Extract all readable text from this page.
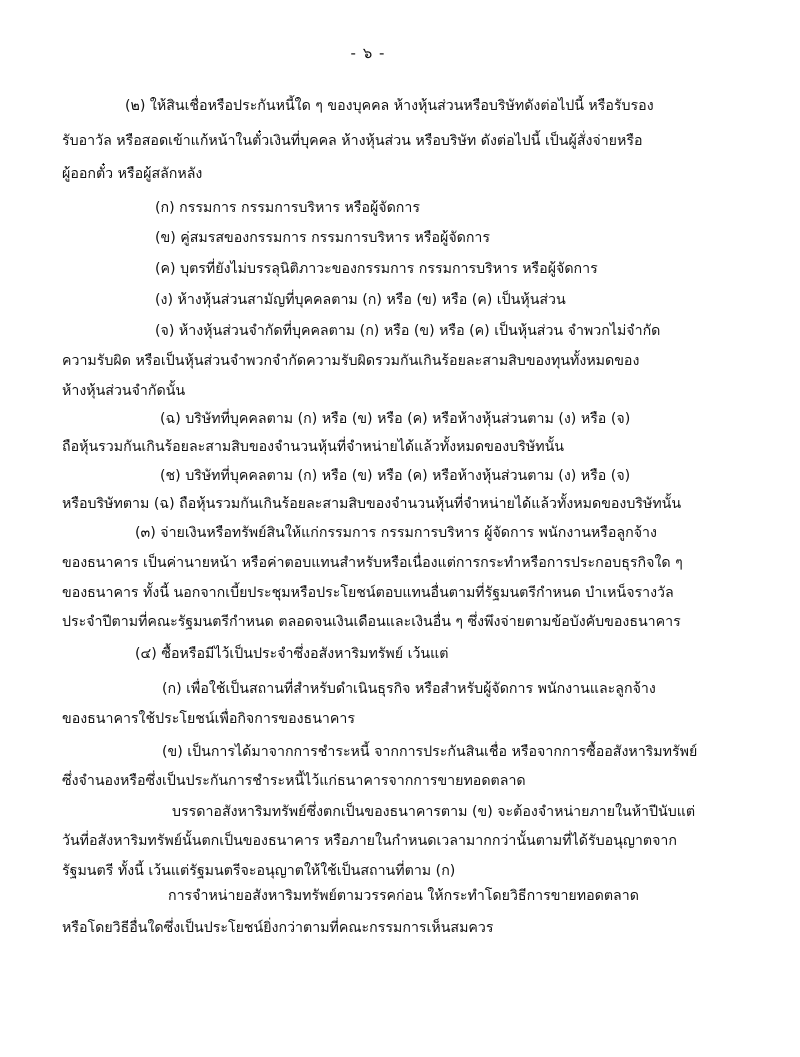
- ๖ -
(๒) ให้สินเชื่อหรือประกันหนี้ใด ๆ ของบุคคล ห้างหุ้นส่วนหรือบริษัทดังต่อไปนี้ หรือรับรอง
รับอาวัล หรือสอดเข้าแก้หน้าในตั๋วเงินที่บุคคล ห้างหุ้นส่วน หรือบริษัท ดังต่อไปนี้ เป็นผู้สั่งจ่ายหรือ
ผู้ออกตั๋ว หรือผู้สลักหลัง
(ก) กรรมการ กรรมการบริหาร หรือผู้จัดการ
(ข) คู่สมรสของกรรมการ กรรมการบริหาร หรือผู้จัดการ
(ค) บุตรที่ยังไม่บรรลุนิติภาวะของกรรมการ กรรมการบริหาร หรือผู้จัดการ
(ง) ห้างหุ้นส่วนสามัญที่บุคคลตาม (ก) หรือ (ข) หรือ (ค) เป็นหุ้นส่วน
(จ) ห้างหุ้นส่วนจำกัดที่บุคคลตาม (ก) หรือ (ข) หรือ (ค) เป็นหุ้นส่วน จำพวกไม่จำกัด
ความรับผิด หรือเป็นหุ้นส่วนจำพวกจำกัดความรับผิดรวมกันเกินร้อยละสามสิบของทุนทั้งหมดของ
ห้างหุ้นส่วนจำกัดนั้น
(ฉ) บริษัทที่บุคคลตาม (ก) หรือ (ข) หรือ (ค) หรือห้างหุ้นส่วนตาม (ง) หรือ (จ)
ถือหุ้นรวมกันเกินร้อยละสามสิบของจำนวนหุ้นที่จำหน่ายได้แล้วทั้งหมดของบริษัทนั้น
(ช) บริษัทที่บุคคลตาม (ก) หรือ (ข) หรือ (ค) หรือห้างหุ้นส่วนตาม (ง) หรือ (จ)
หรือบริษัทตาม (ฉ) ถือหุ้นรวมกันเกินร้อยละสามสิบของจำนวนหุ้นที่จำหน่ายได้แล้วทั้งหมดของบริษัทนั้น
(๓) จ่ายเงินหรือทรัพย์สินให้แก่กรรมการ กรรมการบริหาร ผู้จัดการ พนักงานหรือลูกจ้าง
ของธนาคาร เป็นค่านายหน้า หรือค่าตอบแทนสำหรับหรือเนื่องแต่การกระทำหรือการประกอบธุรกิจใด ๆ
ของธนาคาร ทั้งนี้ นอกจากเบี้ยประชุมหรือประโยชน์ตอบแทนอื่นตามที่รัฐมนตรีกำหนด บำเหน็จรางวัล
ประจำปีตามที่คณะรัฐมนตรีกำหนด ตลอดจนเงินเดือนและเงินอื่น ๆ ซึ่งพึงจ่ายตามข้อบังคับของธนาคาร
(๔) ซื้อหรือมีไว้เป็นประจำซึ่งอสังหาริมทรัพย์ เว้นแต่
(ก) เพื่อใช้เป็นสถานที่สำหรับดำเนินธุรกิจ หรือสำหรับผู้จัดการ พนักงานและลูกจ้าง
ของธนาคารใช้ประโยชน์เพื่อกิจการของธนาคาร
(ข) เป็นการได้มาจากการชำระหนี้ จากการประกันสินเชื่อ หรือจากการซื้ออสังหาริมทรัพย์
ซึ่งจำนองหรือซึ่งเป็นประกันการชำระหนี้ไว้แก่ธนาคารจากการขายทอดตลาด
บรรดาอสังหาริมทรัพย์ซึ่งตกเป็นของธนาคารตาม (ข) จะต้องจำหน่ายภายในห้าปีนับแต่
วันที่อสังหาริมทรัพย์นั้นตกเป็นของธนาคาร หรือภายในกำหนดเวลามากกว่านั้นตามที่ได้รับอนุญาตจาก
รัฐมนตรี ทั้งนี้ เว้นแต่รัฐมนตรีจะอนุญาตให้ใช้เป็นสถานที่ตาม (ก)
การจำหน่ายอสังหาริมทรัพย์ตามวรรคก่อน ให้กระทำโดยวิธีการขายทอดตลาด
หรือโดยวิธีอื่นใดซึ่งเป็นประโยชน์ยิ่งกว่าตามที่คณะกรรมการเห็นสมควร
